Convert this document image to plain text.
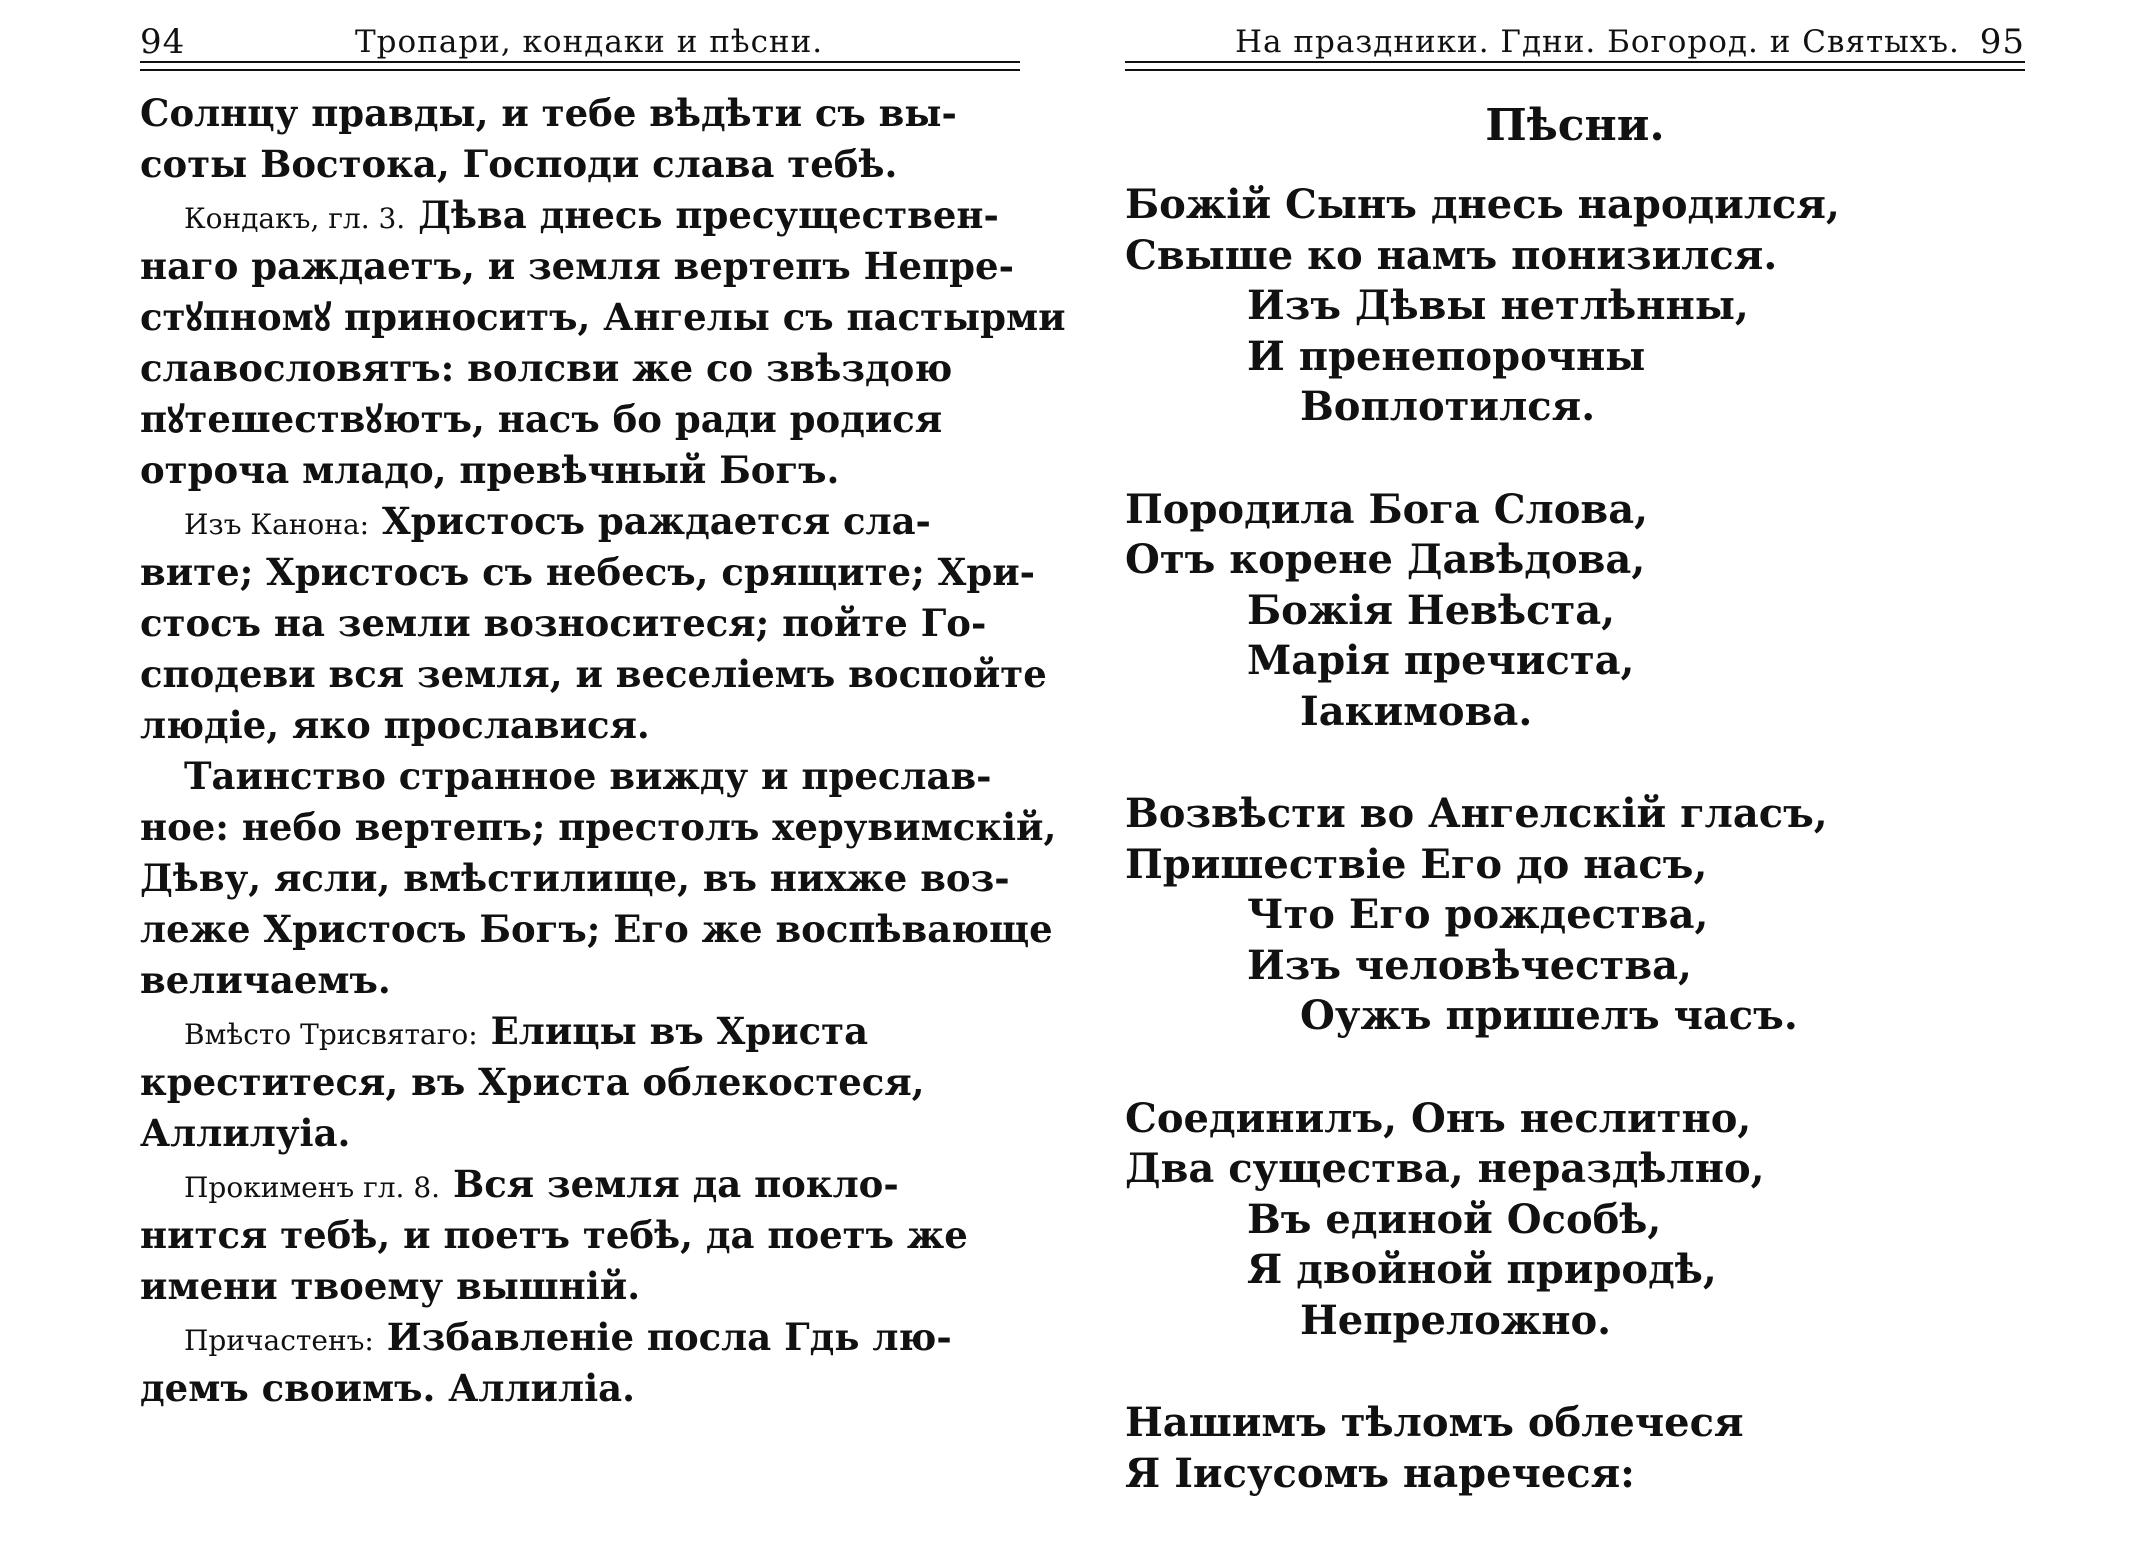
94	Тропари, кондаки и пѣсни.
Солнцу правды, и тебе вѣдѣти съ вы-
соты Востока, Господи слава тебѣ.
Кондакъ, гл. 3. Дѣва днесь пресуществен-
наго раждаетъ, и земля вертепъ Непре-
стꙋпномꙋ приноситъ, Ангелы съ пастырми
славословятъ: волсви же со звѣздою
пꙋтешествꙋютъ, насъ бо ради родися
отроча младо, превѣчный Богъ.
Изъ Канона: Христосъ раждается сла-
вите; Христосъ съ небесъ, срящите; Хри-
стосъ на земли возноситеся; пойте Го-
сподеви вся земля, и веселіемъ воспойте
людіе, яко прославися.
Таинство странное вижду и преслав-
ное: небо вертепъ; престолъ херувимскій,
Дѣву, ясли, вмѣстилище, въ нихже воз-
леже Христосъ Богъ; Его же воспѣвающе
величаемъ.
Вмѣсто Трисвятаго: Елицы въ Христа
креститеся, въ Христа облекостеся,
Аллилуіа.
Прокименъ гл. 8. Вся земля да покло-
нится тебѣ, и поетъ тебѣ, да поетъ же
имени твоему вышній.
Причастенъ: Избавленіе посла Гдь лю-
демъ своимъ. Аллиліа.
На праздники. Гдни. Богород. и Святыхъ. 95
Пѣсни.
Божій Сынъ днесь народился,
Свыше ко намъ понизился.
Изъ Дѣвы нетлѣнны,
И пренепорочны
Воплотился.
Породила Бога Слова,
Отъ корене Давѣдова,
Божія Невѣста,
Марія пречиста,
Іакимова.
Возвѣсти во Ангелскій гласъ,
Пришествіе Его до насъ,
Что Его рождества,
Изъ человѣчества,
Оужъ пришелъ часъ.
Соединилъ, Онъ неслитно,
Два существа, нераздѣлно,
Въ единой Особѣ,
Я двойной природѣ,
Непреложно.
Нашимъ тѣломъ облечеся
Я Іисусомъ наречеся:
